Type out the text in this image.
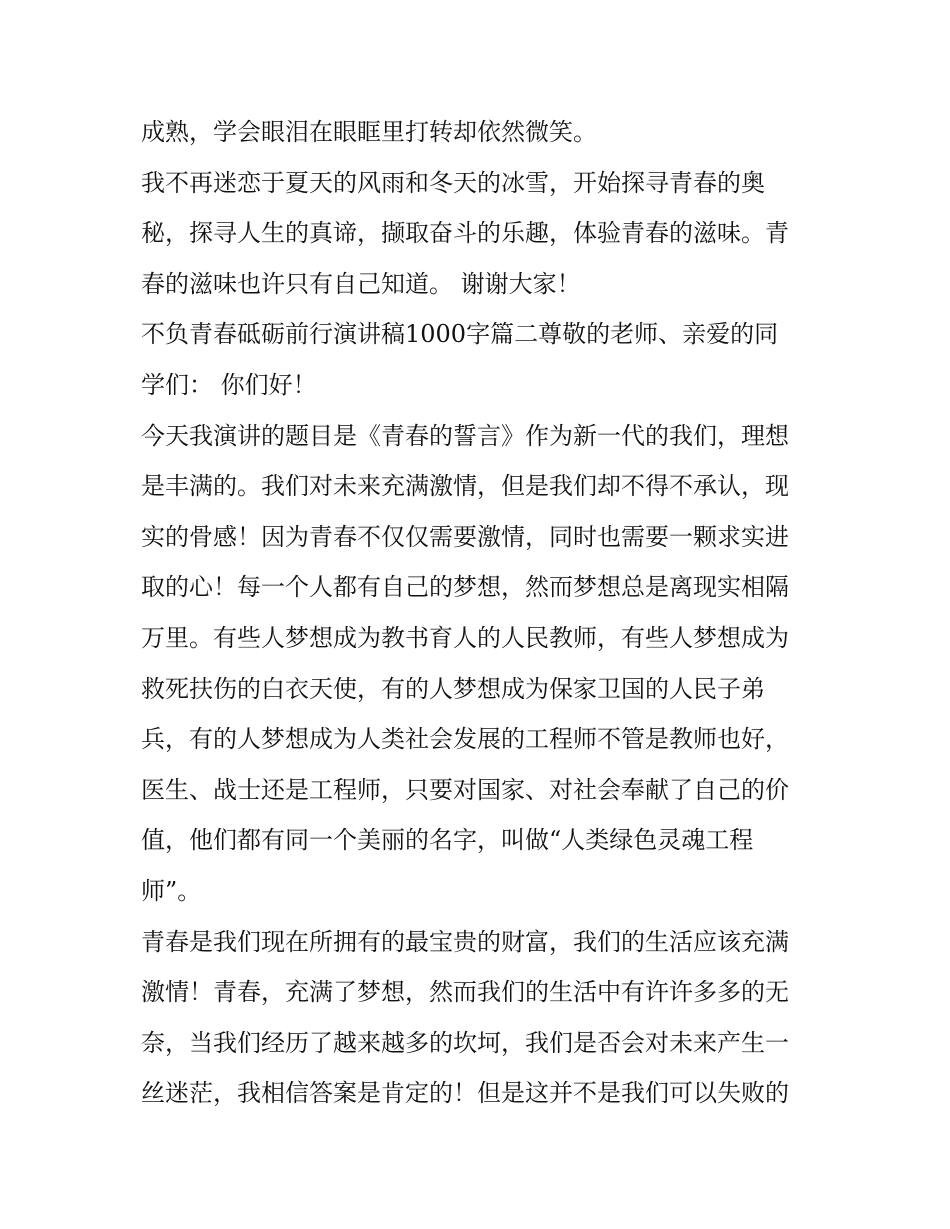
成熟，学会眼泪在眼眶里打转却依然微笑。
我不再迷恋于夏天的风雨和冬天的冰雪，开始探寻青春的奥
秘，探寻人生的真谛，撷取奋斗的乐趣，体验青春的滋味。青
春的滋味也许只有自己知道。 谢谢大家！
不负青春砥砺前行演讲稿1000字篇二尊敬的老师、亲爱的同
学们： 你们好！
今天我演讲的题目是《青春的誓言》作为新一代的我们，理想
是丰满的。我们对未来充满激情，但是我们却不得不承认，现
实的骨感！因为青春不仅仅需要激情，同时也需要一颗求实进
取的心！每一个人都有自己的梦想，然而梦想总是离现实相隔
万里。有些人梦想成为教书育人的人民教师，有些人梦想成为
救死扶伤的白衣天使，有的人梦想成为保家卫国的人民子弟
兵，有的人梦想成为人类社会发展的工程师不管是教师也好，
医生、战士还是工程师，只要对国家、对社会奉献了自己的价
值，他们都有同一个美丽的名字，叫做“人类绿色灵魂工程
师”。
青春是我们现在所拥有的最宝贵的财富，我们的生活应该充满
激情！青春，充满了梦想，然而我们的生活中有许许多多的无
奈，当我们经历了越来越多的坎坷，我们是否会对未来产生一
丝迷茫，我相信答案是肯定的！但是这并不是我们可以失败的
